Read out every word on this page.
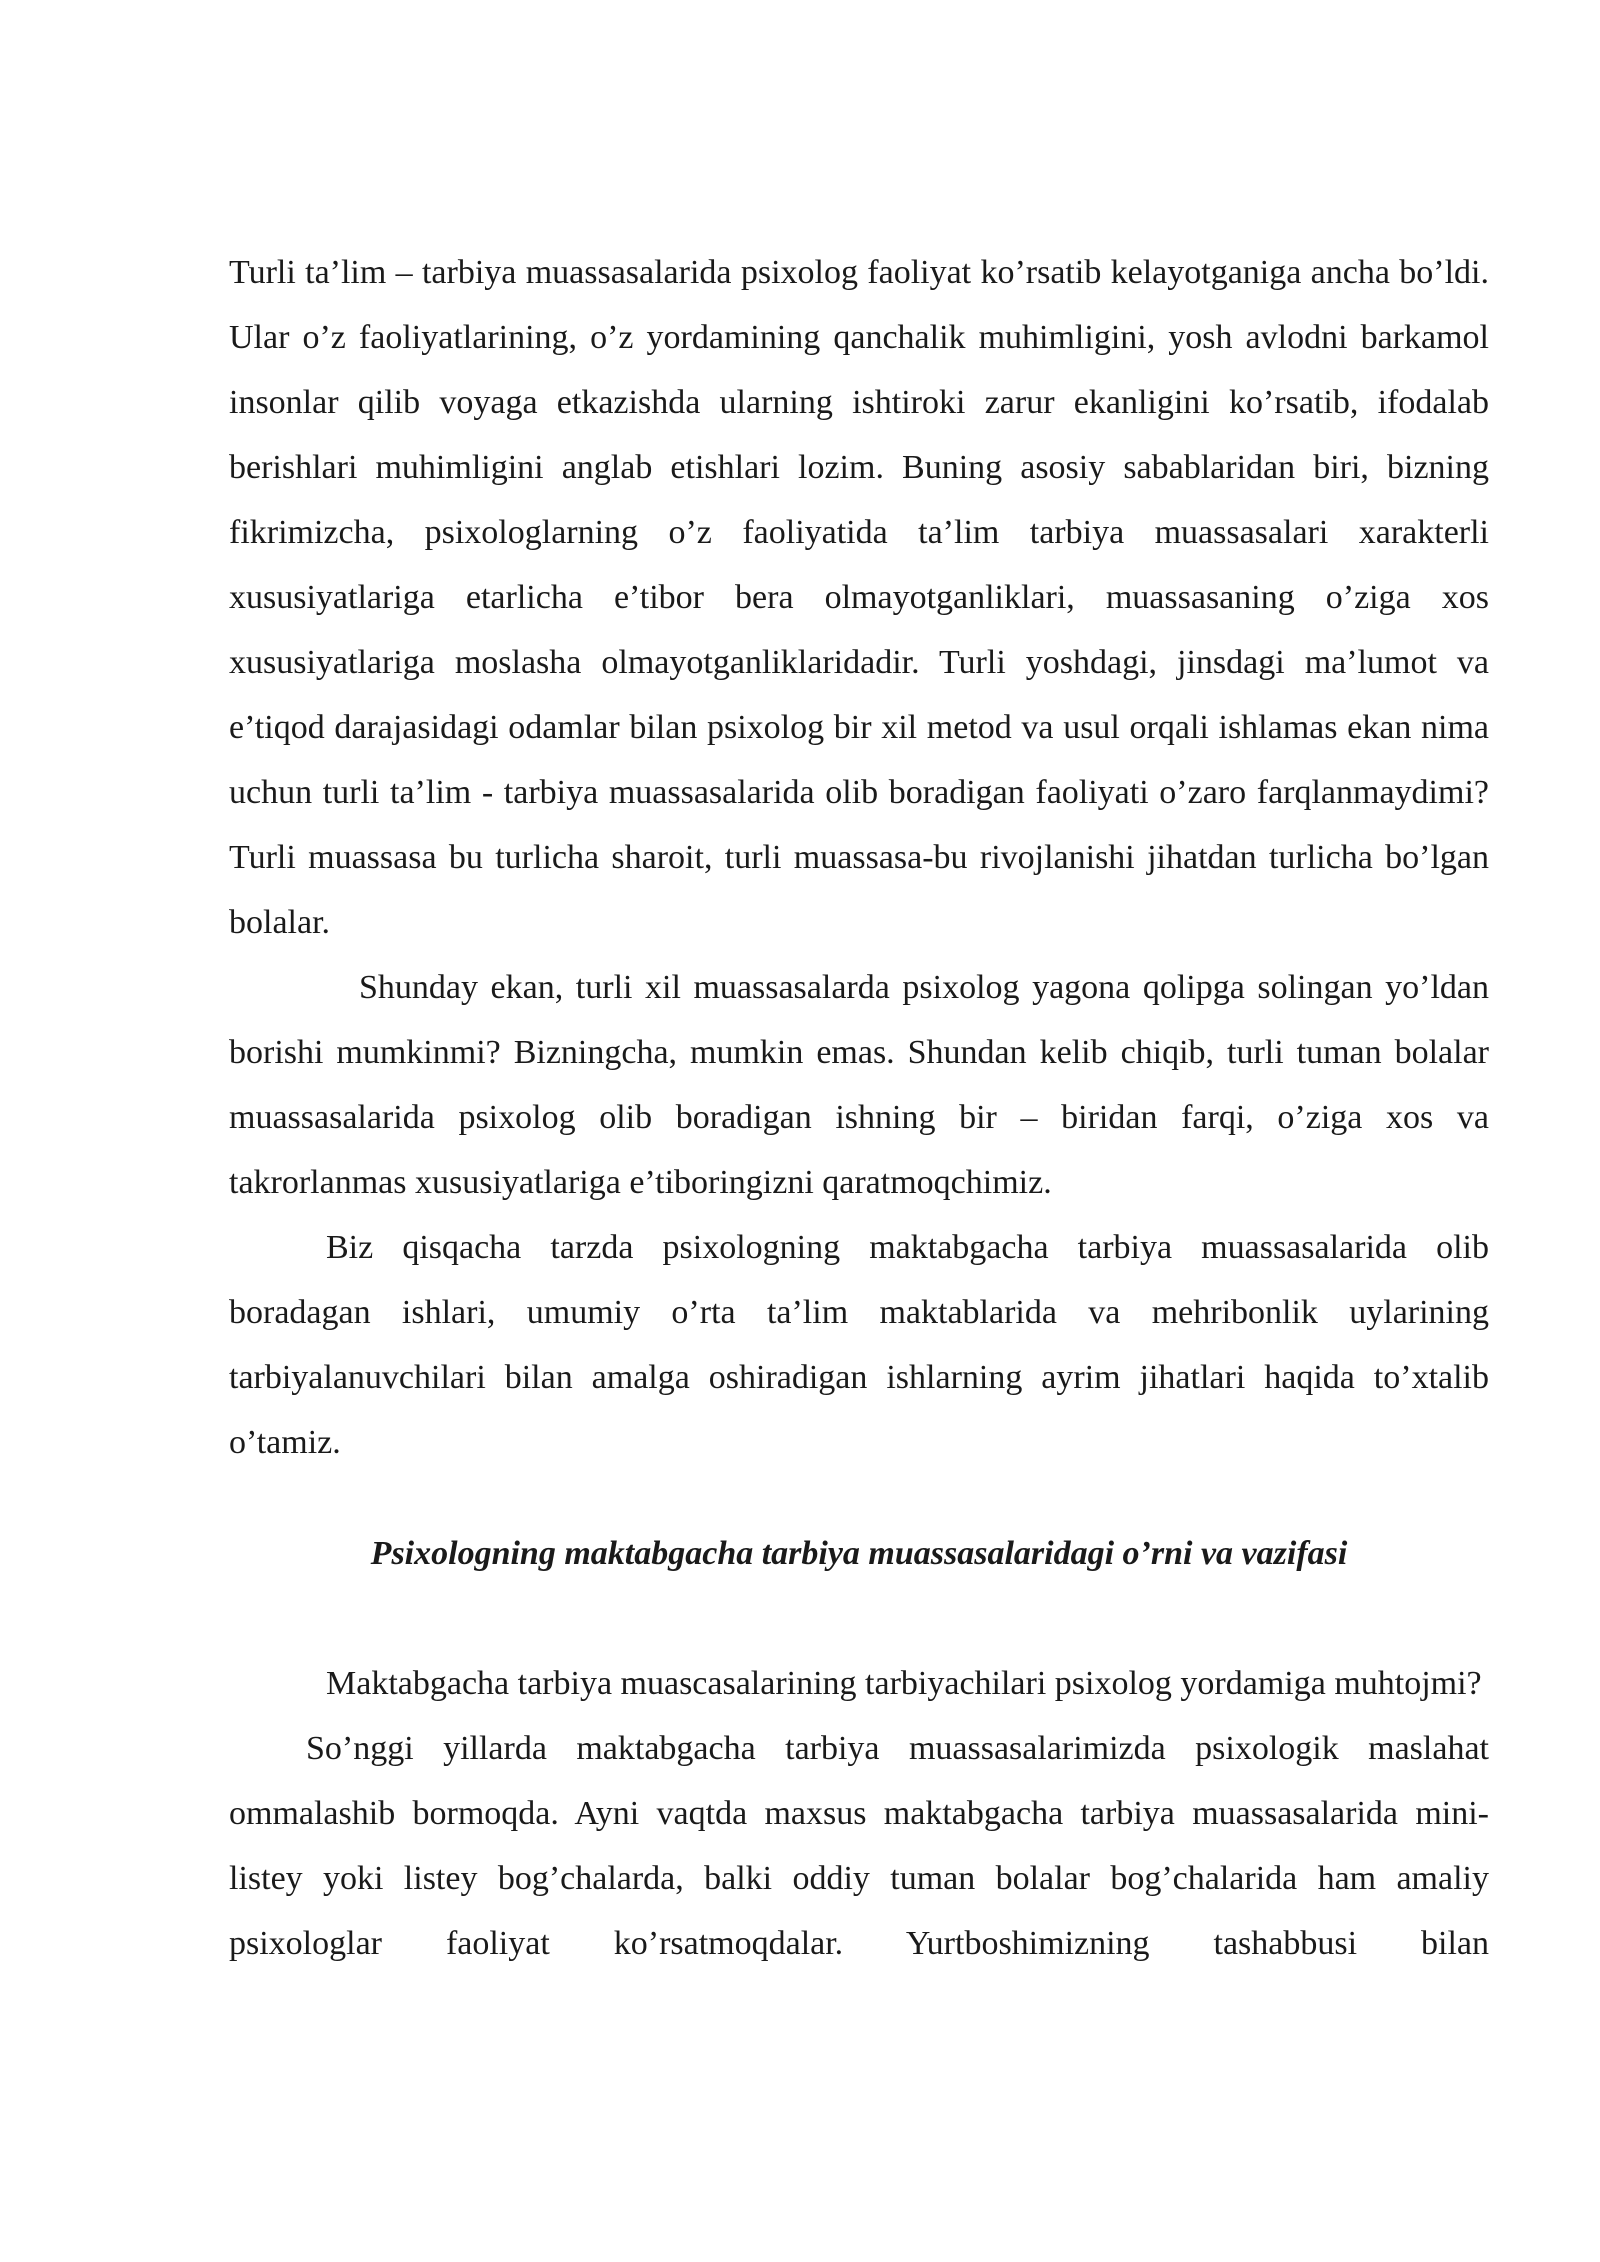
Turli ta’lim – tarbiya muassasalarida psixolog faoliyat ko’rsatib kelayotganiga ancha bo’ldi. Ular o’z faoliyatlarining, o’z yordamining qanchalik muhimligini, yosh avlodni barkamol insonlar qilib voyaga etkazishda ularning ishtiroki zarur ekanligini ko’rsatib, ifodalab berishlari muhimligini anglab etishlari lozim. Buning asosiy sabablaridan biri, bizning fikrimizcha, psixologlarning o’z faoliyatida ta’lim tarbiya muassasalari xarakterli xususiyatlariga etarlicha e’tibor bera olmayotganliklari, muassasaning o’ziga xos xususiyatlariga moslasha olmayotganliklaridadir. Turli yoshdagi, jinsdagi ma’lumot va e’tiqod darajasidagi odamlar bilan psixolog bir xil metod va usul orqali ishlamas ekan nima uchun turli ta’lim - tarbiya muassasalarida olib boradigan faoliyati o’zaro farqlanmaydimi? Turli muassasa bu turlicha sharoit, turli muassasa-bu rivojlanishi jihatdan turlicha bo’lgan bolalar.

Shunday ekan, turli xil muassasalarda psixolog yagona qolipga solingan yo’ldan borishi mumkinmi? Bizningcha, mumkin emas. Shundan kelib chiqib, turli tuman bolalar muassasalarida psixolog olib boradigan ishning bir – biridan farqi, o’ziga xos va takrorlanmas xususiyatlariga e’tiboringizni qaratmoqchimiz.

Biz qisqacha tarzda psixologning maktabgacha tarbiya muassasalarida olib boradagan ishlari, umumiy o’rta ta’lim maktablarida va mehribonlik uylarining tarbiyalanuvchilari bilan amalga oshiradigan ishlarning ayrim jihatlari haqida to’xtalib o’tamiz.

Psixologning maktabgacha tarbiya muassasalaridagi o’rni va vazifasi

Maktabgacha tarbiya muascasalarining tarbiyachilari psixolog yordamiga muhtojmi?

So’nggi yillarda maktabgacha tarbiya muassasalarimizda psixologik maslahat ommalashib bormoqda. Ayni vaqtda maxsus maktabgacha tarbiya muassasalarida mini- listey yoki listey bog’chalarda, balki oddiy tuman bolalar bog’chalarida ham amaliy psixologlar faoliyat ko’rsatmoqdalar. Yurtboshimizning tashabbusi bilan
